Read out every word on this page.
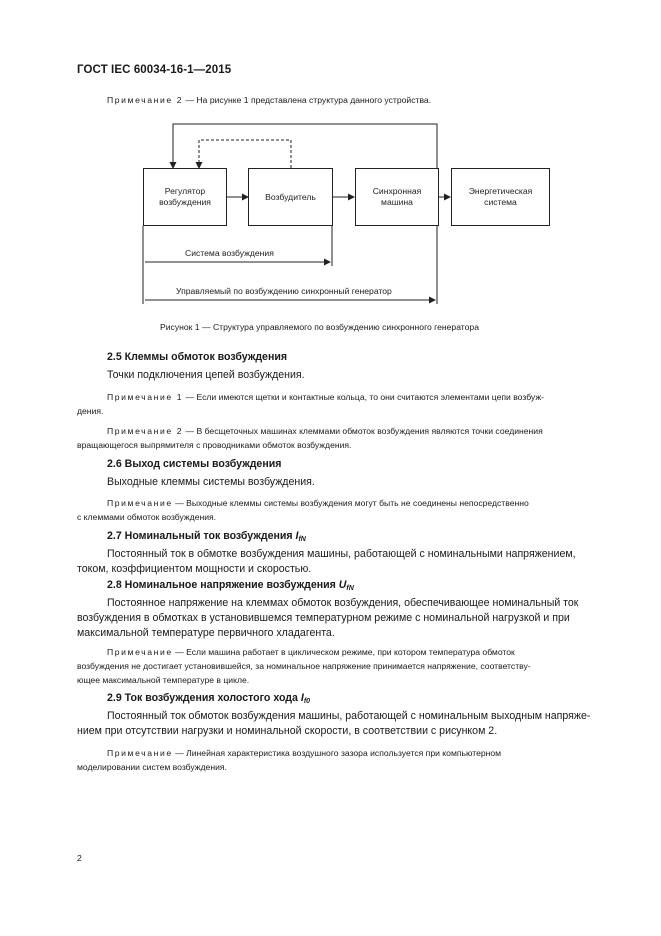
ГОСТ IEC 60034-16-1—2015
Примечание 2 — На рисунке 1 представлена структура данного устройства.
Регулятор
возбуждения
Возбудитель
Синхронная
машина
Энергетическая
система
Система возбуждения
Управляемый по возбуждению синхронный генератор
Рисунок 1 — Структура управляемого по возбуждению синхронного генератора
2.5 Клеммы обмоток возбуждения
Точки подключения цепей возбуждения.
Примечание 1 — Если имеются щетки и контактные кольца, то они считаются элементами цепи возбуж-
дения.
Примечание 2 — В бесщеточных машинах клеммами обмоток возбуждения являются точки соединения
вращающегося выпрямителя с проводниками обмоток возбуждения.
2.6 Выход системы возбуждения
Выходные клеммы системы возбуждения.
Примечание — Выходные клеммы системы возбуждения могут быть не соединены непосредственно
с клеммами обмоток возбуждения.
2.7 Номинальный ток возбуждения $I_{fN}$
Постоянный ток в обмотке возбуждения машины, работающей с номинальными напряжением,
током, коэффициентом мощности и скоростью.
2.8 Номинальное напряжение возбуждения $U_{fN}$
Постоянное напряжение на клеммах обмоток возбуждения, обеспечивающее номинальный ток
возбуждения в обмотках в установившемся температурном режиме с номинальной нагрузкой и при
максимальной температуре первичного хладагента.
Примечание — Если машина работает в циклическом режиме, при котором температура обмоток
возбуждения не достигает установившейся, за номинальное напряжение принимается напряжение, соответству-
ющее максимальной температуре в цикле.
2.9 Ток возбуждения холостого хода $I_{f0}$
Постоянный ток обмоток возбуждения машины, работающей с номинальным выходным напряже-
нием при отсутствии нагрузки и номинальной скорости, в соответствии с рисунком 2.
Примечание — Линейная характеристика воздушного зазора используется при компьютерном
моделировании систем возбуждения.
2
